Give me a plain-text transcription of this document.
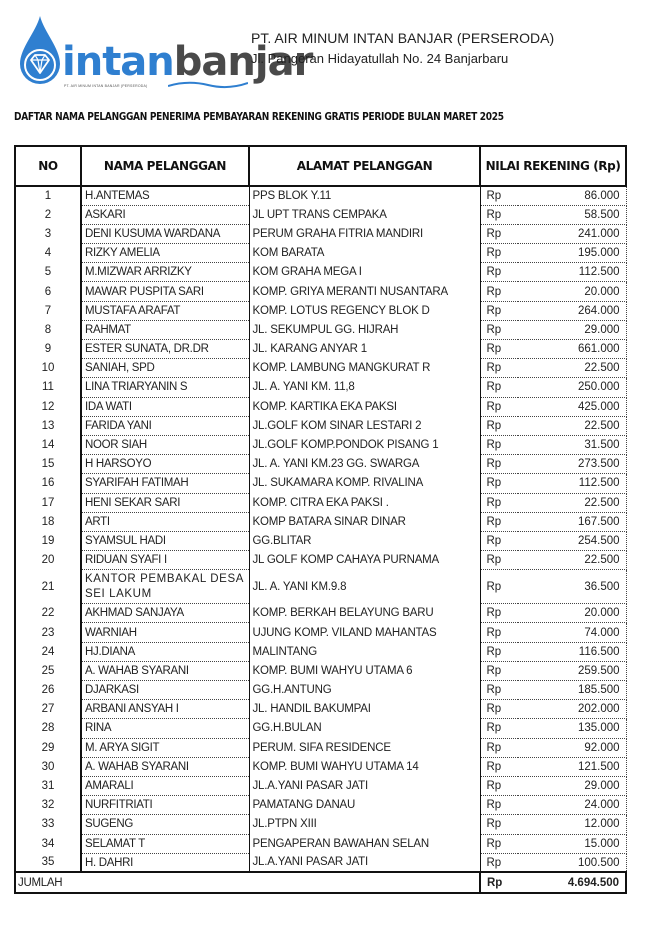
intanbanjar
PT. AIR MINUM INTAN BANJAR (PERSERODA)
PT. AIR MINUM INTAN BANJAR (PERSERODA)
Jl. Pangeran Hidayatullah No. 24 Banjarbaru
DAFTAR NAMA PELANGGAN PENERIMA PEMBAYARAN REKENING GRATIS PERIODE BULAN MARET 2025
NO	NAMA PELANGGAN	ALAMAT PELANGGAN	NILAI REKENING (Rp)	
1	H.ANTEMAS	PPS BLOK Y.11	Rp	86.000
2	ASKARI	JL UPT TRANS CEMPAKA	Rp	58.500
3	DENI KUSUMA WARDANA	PERUM GRAHA FITRIA MANDIRI	Rp	241.000
4	RIZKY AMELIA	KOM BARATA	Rp	195.000
5	M.MIZWAR ARRIZKY	KOM GRAHA MEGA I	Rp	112.500
6	MAWAR PUSPITA SARI	KOMP. GRIYA MERANTI NUSANTARA	Rp	20.000
7	MUSTAFA ARAFAT	KOMP. LOTUS REGENCY BLOK D	Rp	264.000
8	RAHMAT	JL. SEKUMPUL GG. HIJRAH	Rp	29.000
9	ESTER SUNATA, DR.DR	JL. KARANG ANYAR 1	Rp	661.000
10	SANIAH, SPD	KOMP. LAMBUNG MANGKURAT R	Rp	22.500
11	LINA TRIARYANIN S	JL. A. YANI KM. 11,8	Rp	250.000
12	IDA WATI	KOMP. KARTIKA EKA PAKSI	Rp	425.000
13	FARIDA YANI	JL.GOLF KOM SINAR LESTARI 2	Rp	22.500
14	NOOR SIAH	JL.GOLF KOMP.PONDOK PISANG 1	Rp	31.500
15	H HARSOYO	JL. A. YANI KM.23 GG. SWARGA	Rp	273.500
16	SYARIFAH FATIMAH	JL. SUKAMARA KOMP. RIVALINA	Rp	112.500
17	HENI SEKAR SARI	KOMP. CITRA EKA PAKSI .	Rp	22.500
18	ARTI	KOMP BATARA SINAR DINAR	Rp	167.500
19	SYAMSUL HADI	GG.BLITAR	Rp	254.500
20	RIDUAN SYAFI I	JL GOLF KOMP CAHAYA PURNAMA	Rp	22.500
21	KANTOR PEMBAKAL DESA SEI LAKUM	JL. A. YANI KM.9.8	Rp	36.500
22	AKHMAD SANJAYA	KOMP. BERKAH BELAYUNG BARU	Rp	20.000
23	WARNIAH	UJUNG KOMP. VILAND MAHANTAS	Rp	74.000
24	HJ.DIANA	MALINTANG	Rp	116.500
25	A. WAHAB SYARANI	KOMP. BUMI WAHYU UTAMA 6	Rp	259.500
26	DJARKASI	GG.H.ANTUNG	Rp	185.500
27	ARBANI ANSYAH I	JL. HANDIL BAKUMPAI	Rp	202.000
28	RINA	GG.H.BULAN	Rp	135.000
29	M. ARYA SIGIT	PERUM. SIFA RESIDENCE	Rp	92.000
30	A. WAHAB SYARANI	KOMP. BUMI WAHYU UTAMA 14	Rp	121.500
31	AMARALI	JL.A.YANI PASAR JATI	Rp	29.000
32	NURFITRIATI	PAMATANG DANAU	Rp	24.000
33	SUGENG	JL.PTPN XIII	Rp	12.000
34	SELAMAT T	PENGAPERAN BAWAHAN SELAN	Rp	15.000
35	H. DAHRI	JL.A.YANI PASAR JATI	Rp	100.500
JUMLAH			Rp	4.694.500
